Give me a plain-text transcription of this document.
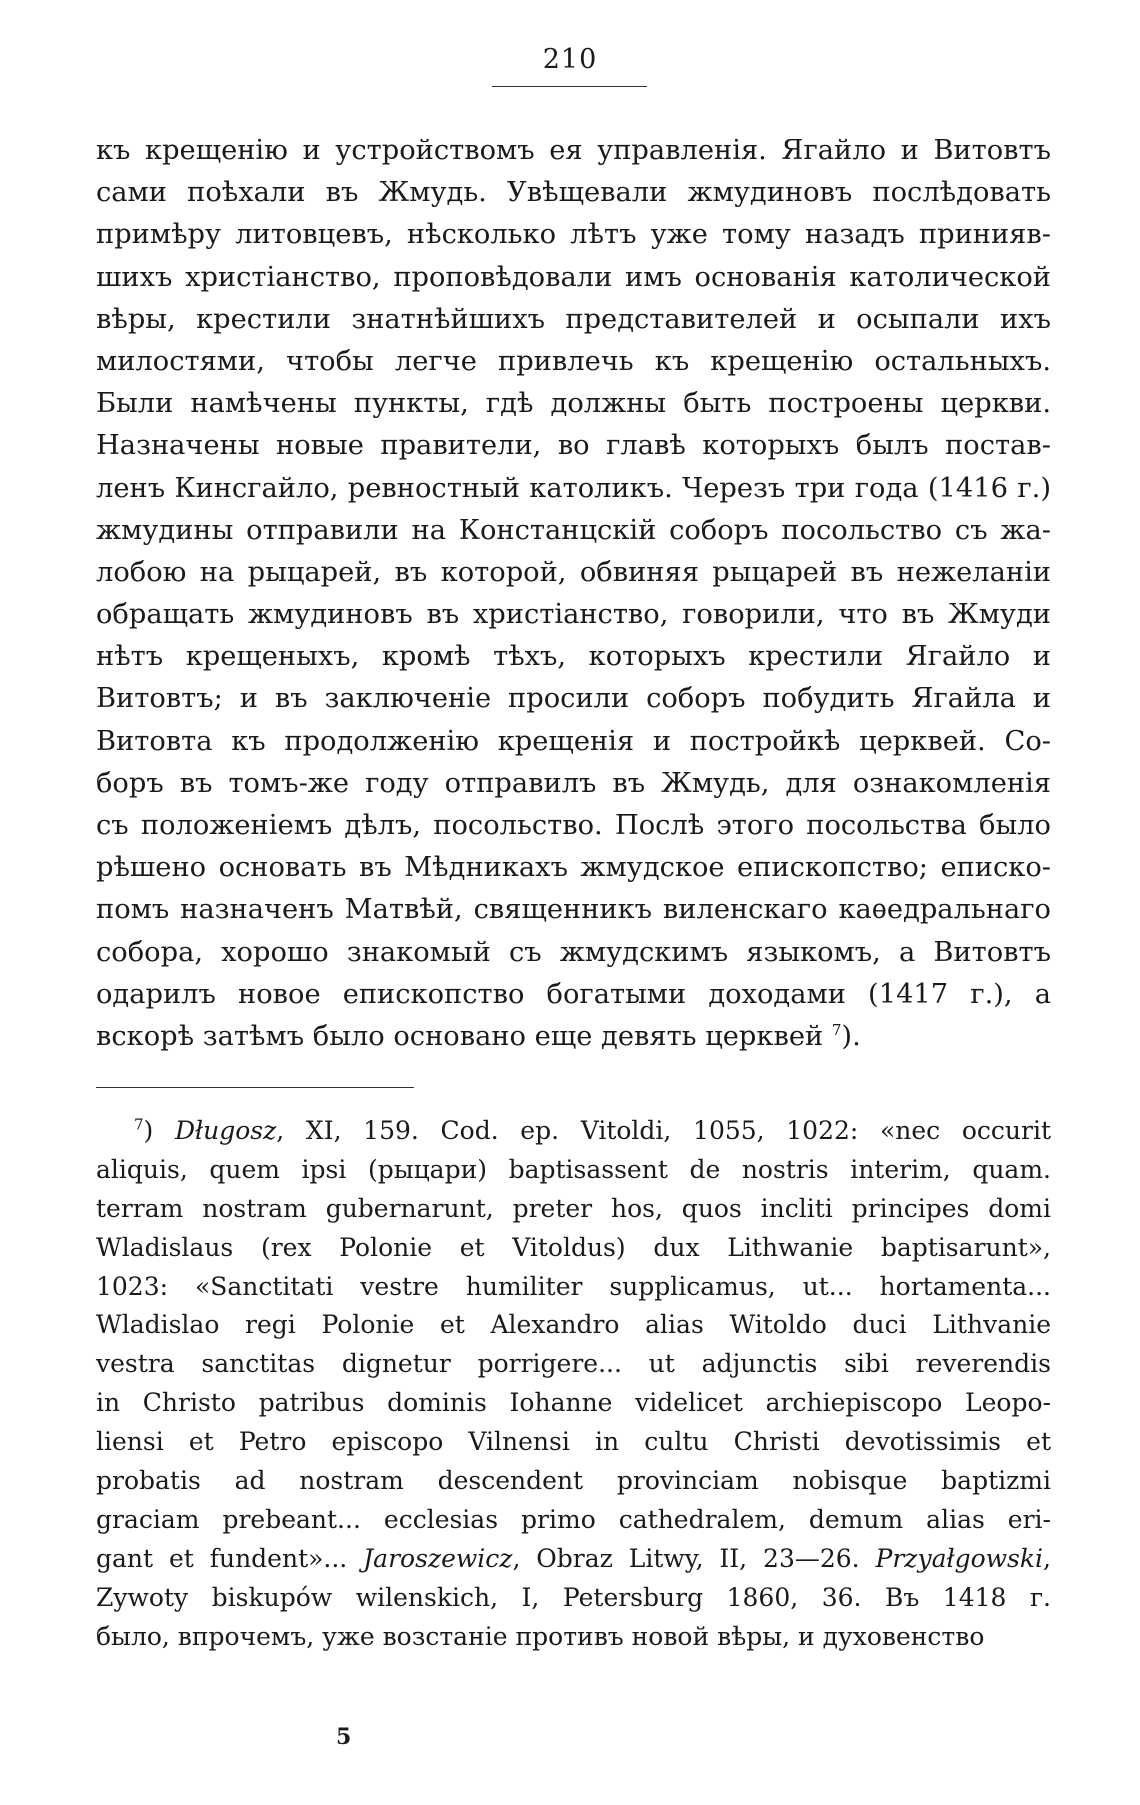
210
къ крещенію и устройствомъ ея управленія. Ягайло и Витовтъ
сами поѣхали въ Жмудь. Увѣщевали жмудиновъ послѣдовать
примѣру литовцевъ, нѣсколько лѣтъ уже тому назадъ принияв-
шихъ христіанство, проповѣдовали имъ основанія католической
вѣры, крестили знатнѣйшихъ представителей и осыпали ихъ
милостями, чтобы легче привлечь къ крещенію остальныхъ.
Были намѣчены пункты, гдѣ должны быть построены церкви.
Назначены новые правители, во главѣ которыхъ былъ постав-
ленъ Кинсгайло, ревностный католикъ. Черезъ три года (1416 г.)
жмудины отправили на Констанцскій соборъ посольство съ жа-
лобою на рыцарей, въ которой, обвиняя рыцарей въ нежеланіи
обращать жмудиновъ въ христіанство, говорили, что въ Жмуди
нѣтъ крещеныхъ, кромѣ тѣхъ, которыхъ крестили Ягайло и
Витовтъ; и въ заключеніе просили соборъ побудить Ягайла и
Витовта къ продолженію крещенія и постройкѣ церквей. Со-
боръ въ томъ-же году отправилъ въ Жмудь, для ознакомленія
съ положеніемъ дѣлъ, посольство. Послѣ этого посольства было
рѣшено основать въ Мѣдникахъ жмудское епископство; еписко-
помъ назначенъ Матвѣй, священникъ виленскаго каѳедральнаго
собора, хорошо знакомый съ жмудскимъ языкомъ, а Витовтъ
одарилъ новое епископство богатыми доходами (1417 г.), а
вскорѣ затѣмъ было основано еще девять церквей $^7$).
$^7$) Długosz, XI, 159. Cod. ep. Vitoldi, 1055, 1022: «nec occurit
aliquis, quem ipsi (рыцари) baptisassent de nostris interim, quam.
terram nostram gubernarunt, preter hos, quos incliti principes domi
Wladislaus (rex Polonie et Vitoldus) dux Lithwanie baptisarunt»,
1023: «Sanctitati vestre humiliter supplicamus, ut... hortamenta...
Wladislao regi Polonie et Alexandro alias Witoldo duci Lithvanie
vestra sanctitas dignetur porrigere... ut adjunctis sibi reverendis
in Christo patribus dominis Iohanne videlicet archiepiscopo Leopo-
liensi et Petro episcopo Vilnensi in cultu Christi devotissimis et
probatis ad nostram descendent provinciam nobisque baptizmi
graciam prebeant... ecclesias primo cathedralem, demum alias eri-
gant et fundent»... Jaroszewicz, Obraz Litwy, II, 23—26. Przyałgowski,
Zywoty biskupów wilenskich, I, Petersburg 1860, 36. Въ 1418 г.
было, впрочемъ, уже возстаніе противъ новой вѣры, и духовенство
5
